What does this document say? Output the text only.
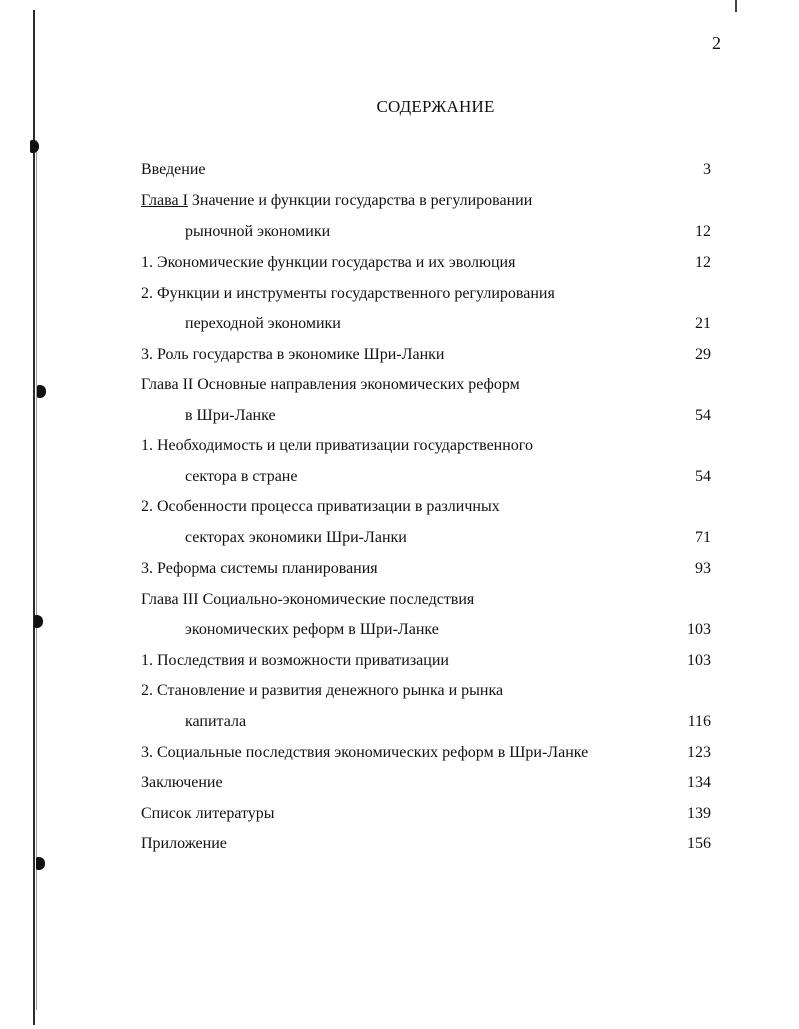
2
СОДЕРЖАНИЕ
Введение	3
Глава I Значение и функции государства в регулировании
рыночной экономики	12
1. Экономические функции государства и их эволюция	12
2. Функции и инструменты государственного регулирования
переходной экономики	21
3. Роль государства в экономике Шри-Ланки	29
Глава II Основные направления экономических реформ
в Шри-Ланке	54
1. Необходимость и цели приватизации государственного
сектора в стране	54
2. Особенности процесса приватизации в различных
секторах экономики Шри-Ланки	71
3. Реформа системы планирования	93
Глава III Социально-экономические последствия
экономических реформ в Шри-Ланке	103
1. Последствия и возможности приватизации	103
2. Становление и развития денежного рынка и рынка
капитала	116
3. Социальные последствия экономических реформ в Шри-Ланке	123
Заключение	134
Список литературы	139
Приложение	156
